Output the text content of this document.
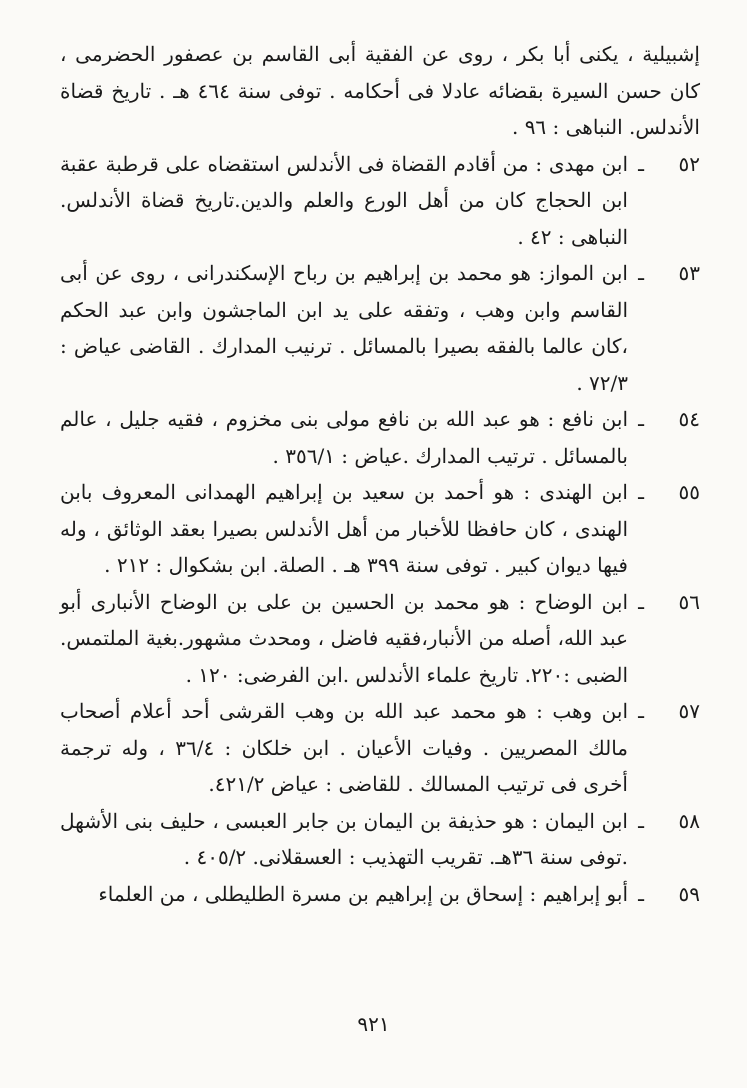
إشبيلية ، يكنى أبا بكر ، روى عن الفقية أبى القاسم بن عصفور الحضرمى ، كان حسن السيرة بقضائه عادلا فى أحكامه . توفى سنة ٤٦٤ هـ . تاريخ قضاة الأندلس. النباهى : ٩٦ .
٥٢
ـ
ابن مهدى : من أقادم القضاة فى الأندلس استقضاه على قرطبة عقبة ابن الحجاج كان من أهل الورع والعلم والدين.تاريخ قضاة الأندلس. النباهى : ٤٢ .
٥٣
ـ
ابن المواز: هو محمد بن إبراهيم بن رباح الإسكندرانى ، روى عن أبى القاسم وابن وهب ، وتفقه على يد ابن الماجشون وابن عبد الحكم ،كان عالما بالفقه بصيرا بالمسائل . ترنيب المدارك . القاضى عياض : ٧٢/٣ .
٥٤
ـ
ابن نافع : هو عبد الله بن نافع مولى بنى مخزوم ، فقيه جليل ، عالم بالمسائل . ترتيب المدارك .عياض : ٣٥٦/١ .
٥٥
ـ
ابن الهندى : هو أحمد بن سعيد بن إبراهيم الهمدانى المعروف بابن الهندى ، كان حافظا للأخبار من أهل الأندلس بصيرا بعقد الوثائق ، وله فيها ديوان كبير . توفى سنة ٣٩٩ هـ . الصلة. ابن بشكوال : ٢١٢ .
٥٦
ـ
ابن الوضاح : هو محمد بن الحسين بن على بن الوضاح الأنبارى أبو عبد الله، أصله من الأنبار،فقيه فاضل ، ومحدث مشهور.بغية الملتمس. الضبى :٢٢٠. تاريخ علماء الأندلس .ابن الفرضى: ١٢٠ .
٥٧
ـ
ابن وهب : هو محمد عبد الله بن وهب القرشى أحد أعلام أصحاب مالك المصريين . وفيات الأعيان . ابن خلكان : ٣٦/٤ ، وله ترجمة أخرى فى ترتيب المسالك . للقاضى : عياض ٤٢١/٢.
٥٨
ـ
ابن اليمان : هو حذيفة بن اليمان بن جابر العبسى ، حليف بنى الأشهل .توفى سنة ٣٦هـ. تقريب التهذيب : العسقلانى. ٤٠٥/٢ .
٥٩
ـ
أبو إبراهيم : إسحاق بن إبراهيم بن مسرة الطليطلى ، من العلماء
٩٢١
